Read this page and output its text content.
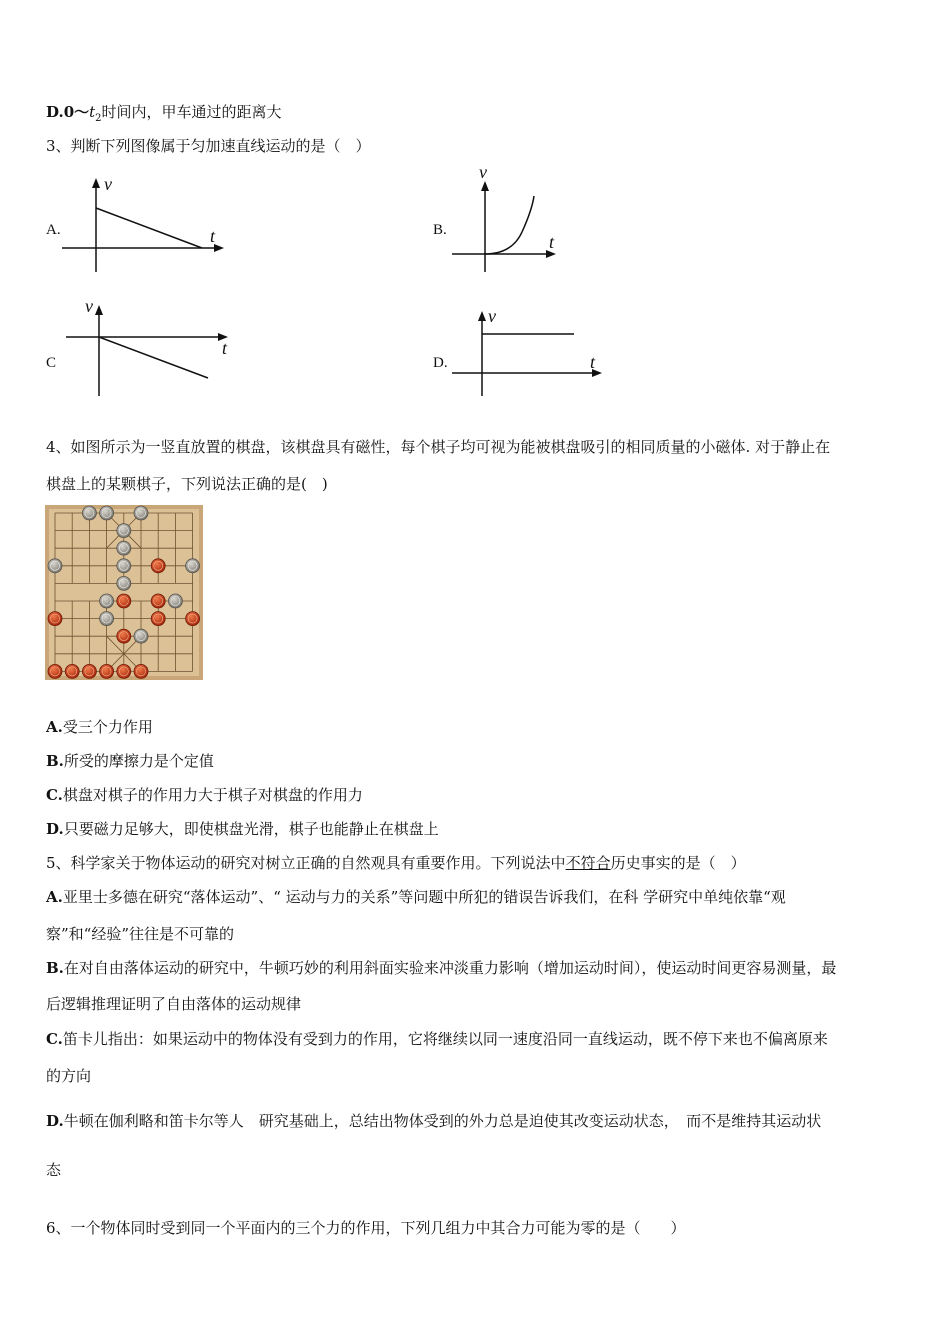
$D.0\sim t_2$时间内，甲车通过的距离大
3、判断下列图像属于匀加速直线运动的是（　）
A.
v
t	B.
v
t
C
v
t
D.
v
t
4、如图所示为一竖直放置的棋盘，该棋盘具有磁性，每个棋子均可视为能被棋盘吸引的相同质量的小磁体. 对于静止在
棋盘上的某颗棋子，下列说法正确的是(　)
A.受三个力作用
B.所受的摩擦力是个定值
C.棋盘对棋子的作用力大于棋子对棋盘的作用力
D.只要磁力足够大，即使棋盘光滑，棋子也能静止在棋盘上
5、科学家关于物体运动的研究对树立正确的自然观具有重要作用。下列说法中不符合历史事实的是（　）
A.亚里士多德在研究“落体运动”、“ 运动与力的关系”等问题中所犯的错误告诉我们，在科 学研究中单纯依靠“观
察”和“经验”往往是不可靠的
B.在对自由落体运动的研究中，牛顿巧妙的利用斜面实验来冲淡重力影响（增加运动时间），使运动时间更容易测量，最
后逻辑推理证明了自由落体的运动规律
C.笛卡儿指出：如果运动中的物体没有受到力的作用，它将继续以同一速度沿同一直线运动，既不停下来也不偏离原来
的方向
D.牛顿在伽利略和笛卡尔等人　研究基础上，总结出物体受到的外力总是迫使其改变运动状态，　而不是维持其运动状
态
6、一个物体同时受到同一个平面内的三个力的作用，下列几组力中其合力可能为零的是（　　）
